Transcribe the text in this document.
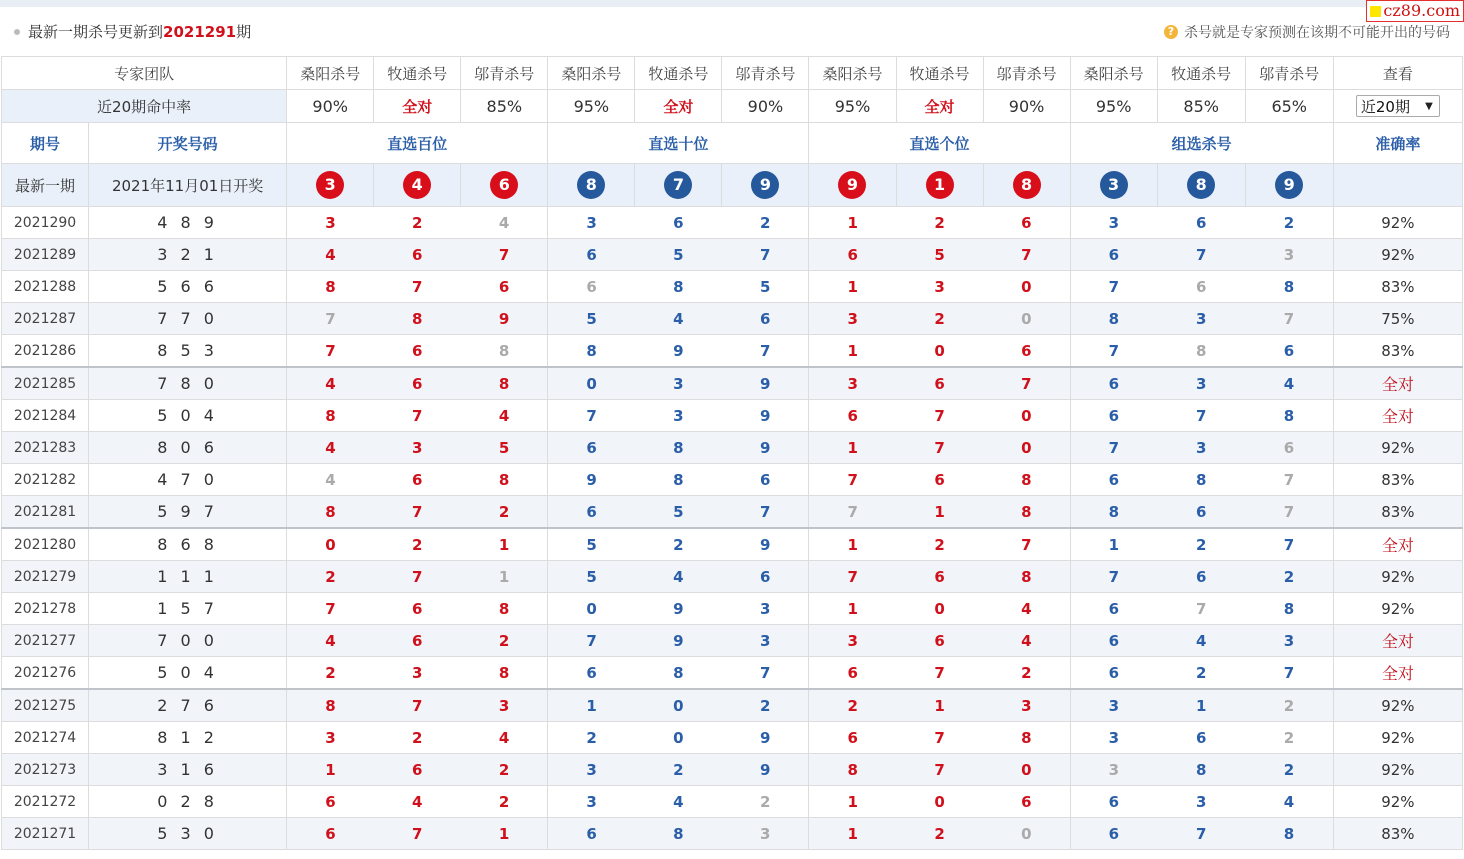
cz89.com
最新一期杀号更新到2021291期	? 杀号就是专家预测在该期不可能开出的号码
专家团队		桑阳杀号	牧通杀号	邬青杀号	桑阳杀号	牧通杀号	邬青杀号	桑阳杀号	牧通杀号	邬青杀号	桑阳杀号	牧通杀号	邬青杀号	查看
近20期命中率		90%	全对	85%	95%	全对	90%	95%	全对	90%	95%	85%	65%	近20期 ▼
期号	开奖号码	直选百位			直选十位			直选个位			组选杀号			准确率
最新一期	2021年11月01日开奖	3	4	6	8	7	9	9	1	8	3	8	9	
2021290	4 8 9	3	2	4	3	6	2	1	2	6	3	6	2	92%
2021289	3 2 1	4	6	7	6	5	7	6	5	7	6	7	3	92%
2021288	5 6 6	8	7	6	6	8	5	1	3	0	7	6	8	83%
2021287	7 7 0	7	8	9	5	4	6	3	2	0	8	3	7	75%
2021286	8 5 3	7	6	8	8	9	7	1	0	6	7	8	6	83%
2021285	7 8 0	4	6	8	0	3	9	3	6	7	6	3	4	全对
2021284	5 0 4	8	7	4	7	3	9	6	7	0	6	7	8	全对
2021283	8 0 6	4	3	5	6	8	9	1	7	0	7	3	6	92%
2021282	4 7 0	4	6	8	9	8	6	7	6	8	6	8	7	83%
2021281	5 9 7	8	7	2	6	5	7	7	1	8	8	6	7	83%
2021280	8 6 8	0	2	1	5	2	9	1	2	7	1	2	7	全对
2021279	1 1 1	2	7	1	5	4	6	7	6	8	7	6	2	92%
2021278	1 5 7	7	6	8	0	9	3	1	0	4	6	7	8	92%
2021277	7 0 0	4	6	2	7	9	3	3	6	4	6	4	3	全对
2021276	5 0 4	2	3	8	6	8	7	6	7	2	6	2	7	全对
2021275	2 7 6	8	7	3	1	0	2	2	1	3	3	1	2	92%
2021274	8 1 2	3	2	4	2	0	9	6	7	8	3	6	2	92%
2021273	3 1 6	1	6	2	3	2	9	8	7	0	3	8	2	92%
2021272	0 2 8	6	4	2	3	4	2	1	0	6	6	3	4	92%
2021271	5 3 0	6	7	1	6	8	3	1	2	0	6	7	8	83%
